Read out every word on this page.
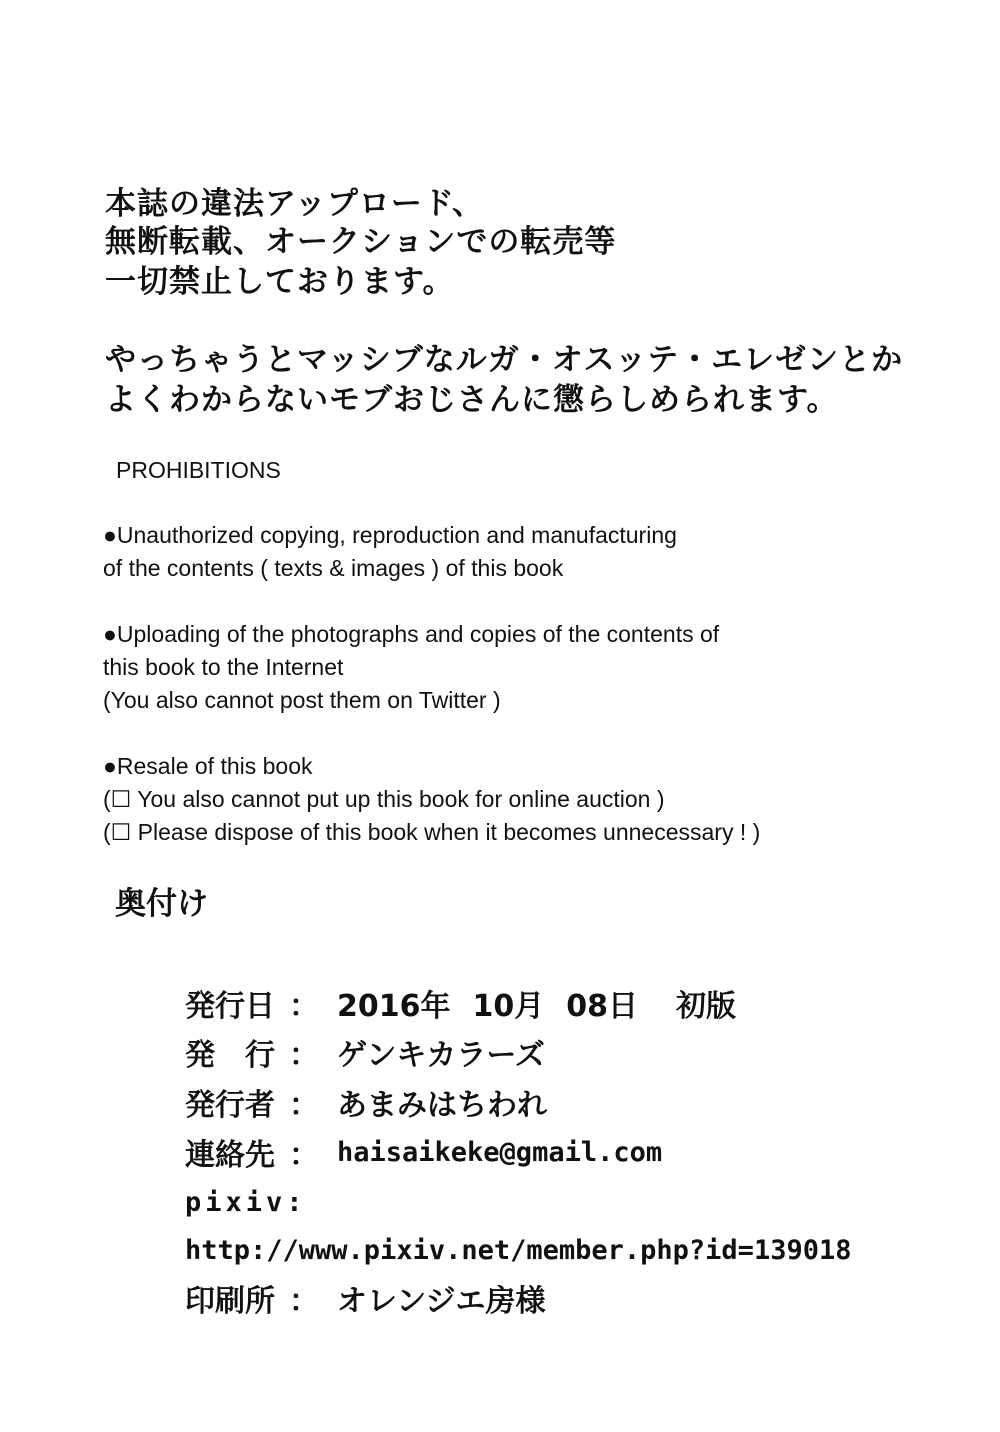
本誌の違法アップロード、
無断転載、オークションでの転売等
一切禁止しております。
やっちゃうとマッシブなルガ・オスッテ・エレゼンとか
よくわからないモブおじさんに懲らしめられます。
PROHIBITIONS
●Unauthorized copying, reproduction and manufacturing
of the contents ( texts & images ) of this book
●Uploading of the photographs and copies of the contents of
this book to the Internet
(You also cannot post them on Twitter )
●Resale of this book
(☐ You also cannot put up this book for online auction )
(☐ Please dispose of this book when it becomes unnecessary ! )
奥付け
発行日 ： 2016年 10月 08日 初版
発　行 ： ゲンキカラーズ
発行者 ： あまみはちわれ
連絡先 ： haisaikeke@gmail.com
pixiv:
http://www.pixiv.net/member.php?id=139018
印刷所 ： オレンジエ房様
